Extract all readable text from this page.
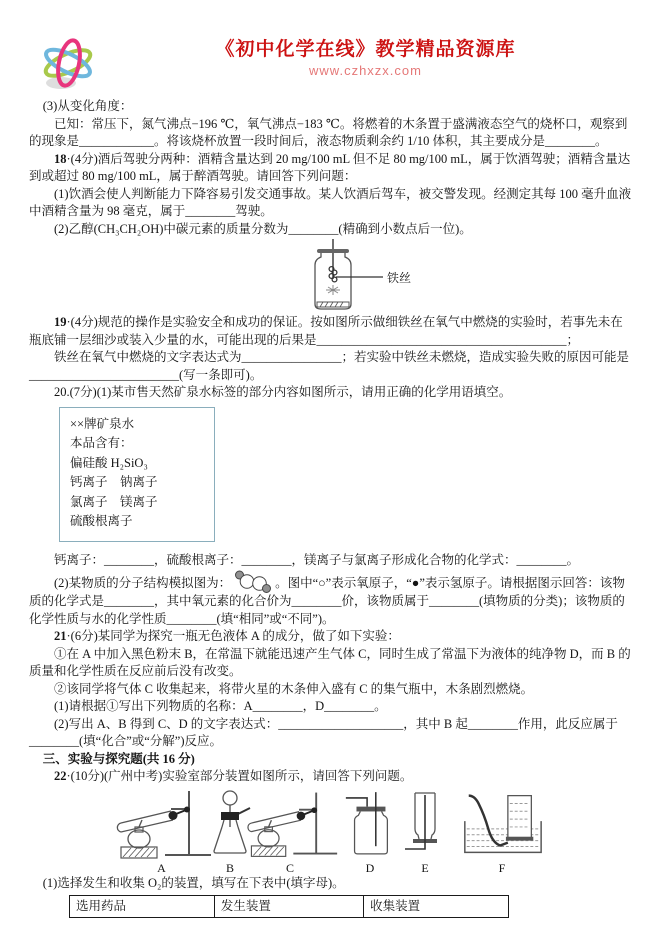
《初中化学在线》教学精品资源库
www.czhxzx.com

(3)从变化角度：

已知：常压下，氮气沸点−196 ℃，氧气沸点−183 ℃。将燃着的木条置于盛满液态空气的烧杯口，观察到的现象是____________。将该烧杯放置一段时间后，液态物质剩余约 1/10 体积，其主要成分是________。

18·(4分)酒后驾驶分两种：酒精含量达到 20 mg/100 mL 但不足 80 mg/100 mL，属于饮酒驾驶；酒精含量达到或超过 80 mg/100 mL，属于醉酒驾驶。请回答下列问题：

(1)饮酒会使人判断能力下降容易引发交通事故。某人饮酒后驾车，被交警发现。经测定其每 100 毫升血液中酒精含量为 98 毫克，属于________驾驶。

(2)乙醇(CH₃CH₂OH)中碳元素的质量分数为________(精确到小数点后一位)。

铁丝

19·(4分)规范的操作是实验安全和成功的保证。按如图所示做细铁丝在氧气中燃烧的实验时，若事先未在瓶底铺一层细沙或装入少量的水，可能出现的后果是________________________________________；

铁丝在氧气中燃烧的文字表达式为________________；若实验中铁丝未燃烧，造成实验失败的原因可能是________________________(写一条即可)。

20.(7分)(1)某市售天然矿泉水标签的部分内容如图所示，请用正确的化学用语填空。

××牌矿泉水
本品含有：
偏硅酸 H₂SiO₃
钙离子　钠离子
氯离子　镁离子
硫酸根离子

钙离子：________，硫酸根离子：________，镁离子与氯离子形成化合物的化学式：________。

(2)某物质的分子结构模拟图为：	。图中“○”表示氧原子，“●”表示氢原子。请根据图示回答：该物质的化学式是________，其中氧元素的化合价为________价，该物质属于________(填物质的分类)；该物质的化学性质与水的化学性质________(填“相同”或“不同”)。

21·(6分)某同学为探究一瓶无色液体 A 的成分，做了如下实验：

①在 A 中加入黑色粉末 B，在常温下就能迅速产生气体 C，同时生成了常温下为液体的纯净物 D，而 B 的质量和化学性质在反应前后没有改变。

②该同学将气体 C 收集起来，将带火星的木条伸入盛有 C 的集气瓶中，木条剧烈燃烧。

(1)请根据①写出下列物质的名称：A________，D________。

(2)写出 A、B 得到 C、D 的文字表达式：____________________，其中 B 起________作用，此反应属于________(填“化合”或“分解”)反应。

三、实验与探究题(共 16 分)

22·(10分)(广州中考)实验室部分装置如图所示，请回答下列问题。

A	B	C	D	E	F

(1)选择发生和收集 O₂的装置，填写在下表中(填字母)。

选用药品	发生装置	收集装置
